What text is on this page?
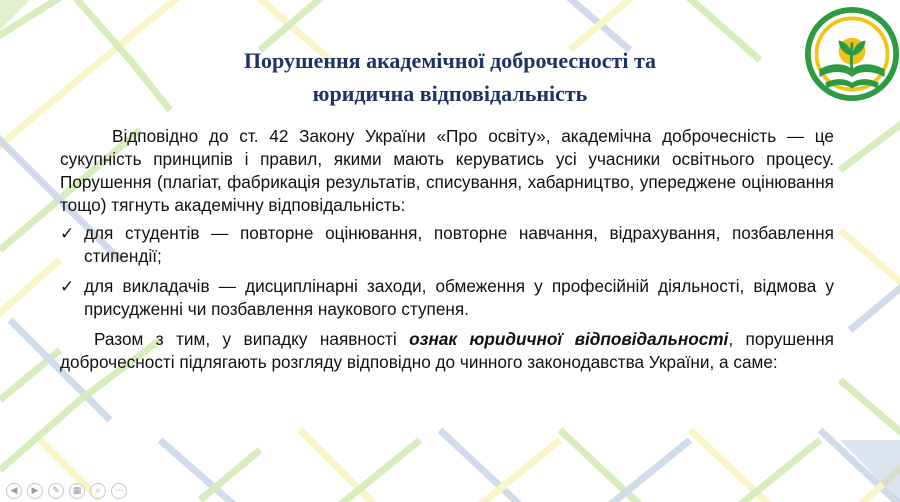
Порушення академічної доброчесності та
юридична відповідальність

Відповідно до ст. 42 Закону України «Про освіту», академічна доброчесність — це сукупність принципів і правил, якими мають керуватись усі учасники освітнього процесу. Порушення (плагіат, фабрикація результатів, списування, хабарництво, упереджене оцінювання тощо) тягнуть академічну відповідальність:

✓ для студентів — повторне оцінювання, повторне навчання, відрахування, позбавлення стипендії;
✓ для викладачів — дисциплінарні заходи, обмеження у професійній діяльності, відмова у присудженні чи позбавлення наукового ступеня.

Разом з тим, у випадку наявності ознак юридичної відповідальності, порушення доброчесності підлягають розгляду відповідно до чинного законодавства України, а саме:

◀	▶	✎	▦	⌕	⋯
